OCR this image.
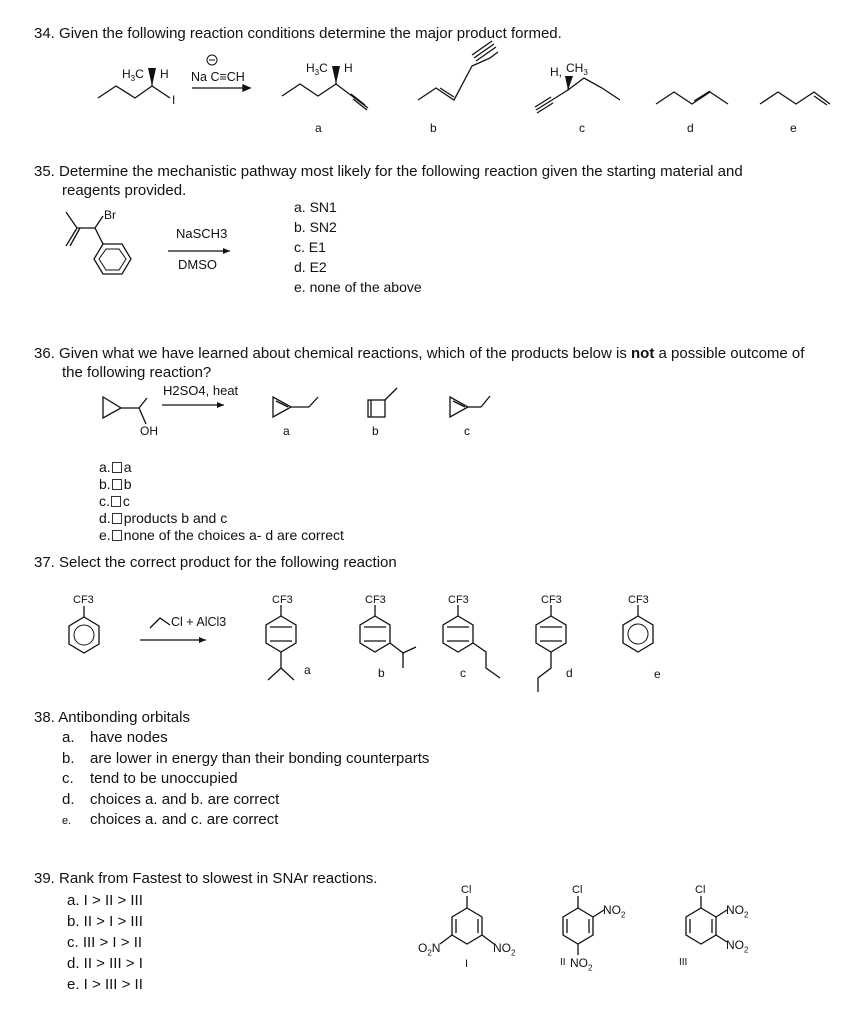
34. Given the following reaction conditions determine the major product formed.
$H_3C$ H
I
$H_3C$ H	H, $CH_3$
Na C≡CH
a	b	c	d	e
35. Determine the mechanistic pathway most likely for the following reaction given the starting material and
reagents provided.
Br
NaSCH3
DMSO
a. SN1
b. SN2
c. E1
d. E2
e. none of the above
36. Given what we have learned about chemical reactions, which of the products below is not a possible outcome of
the following reaction?
H2SO4, heat
OH	a	b	c
a. a
b. b
c. c
d. products b and c
e. none of the choices a- d are correct
37. Select the correct product for the following reaction
CF3
Cl + AlCl3
CF3	CF3	CF3	CF3	CF3
a	b	c	d	e
38. Antibonding orbitals
a. have nodes
b. are lower in energy than their bonding counterparts
c. tend to be unoccupied
d. choices a. and b. are correct
e. choices a. and c. are correct
39. Rank from Fastest to slowest in SNAr reactions.
a. I > II > III
b. II > I > III
c. III > I > II
d. II > III > I
e. I > III > II
Cl
$O_2N$	$NO_2$
I
Cl
$NO_2$
$NO_2$
II
Cl
$NO_2$
$NO_2$
III
